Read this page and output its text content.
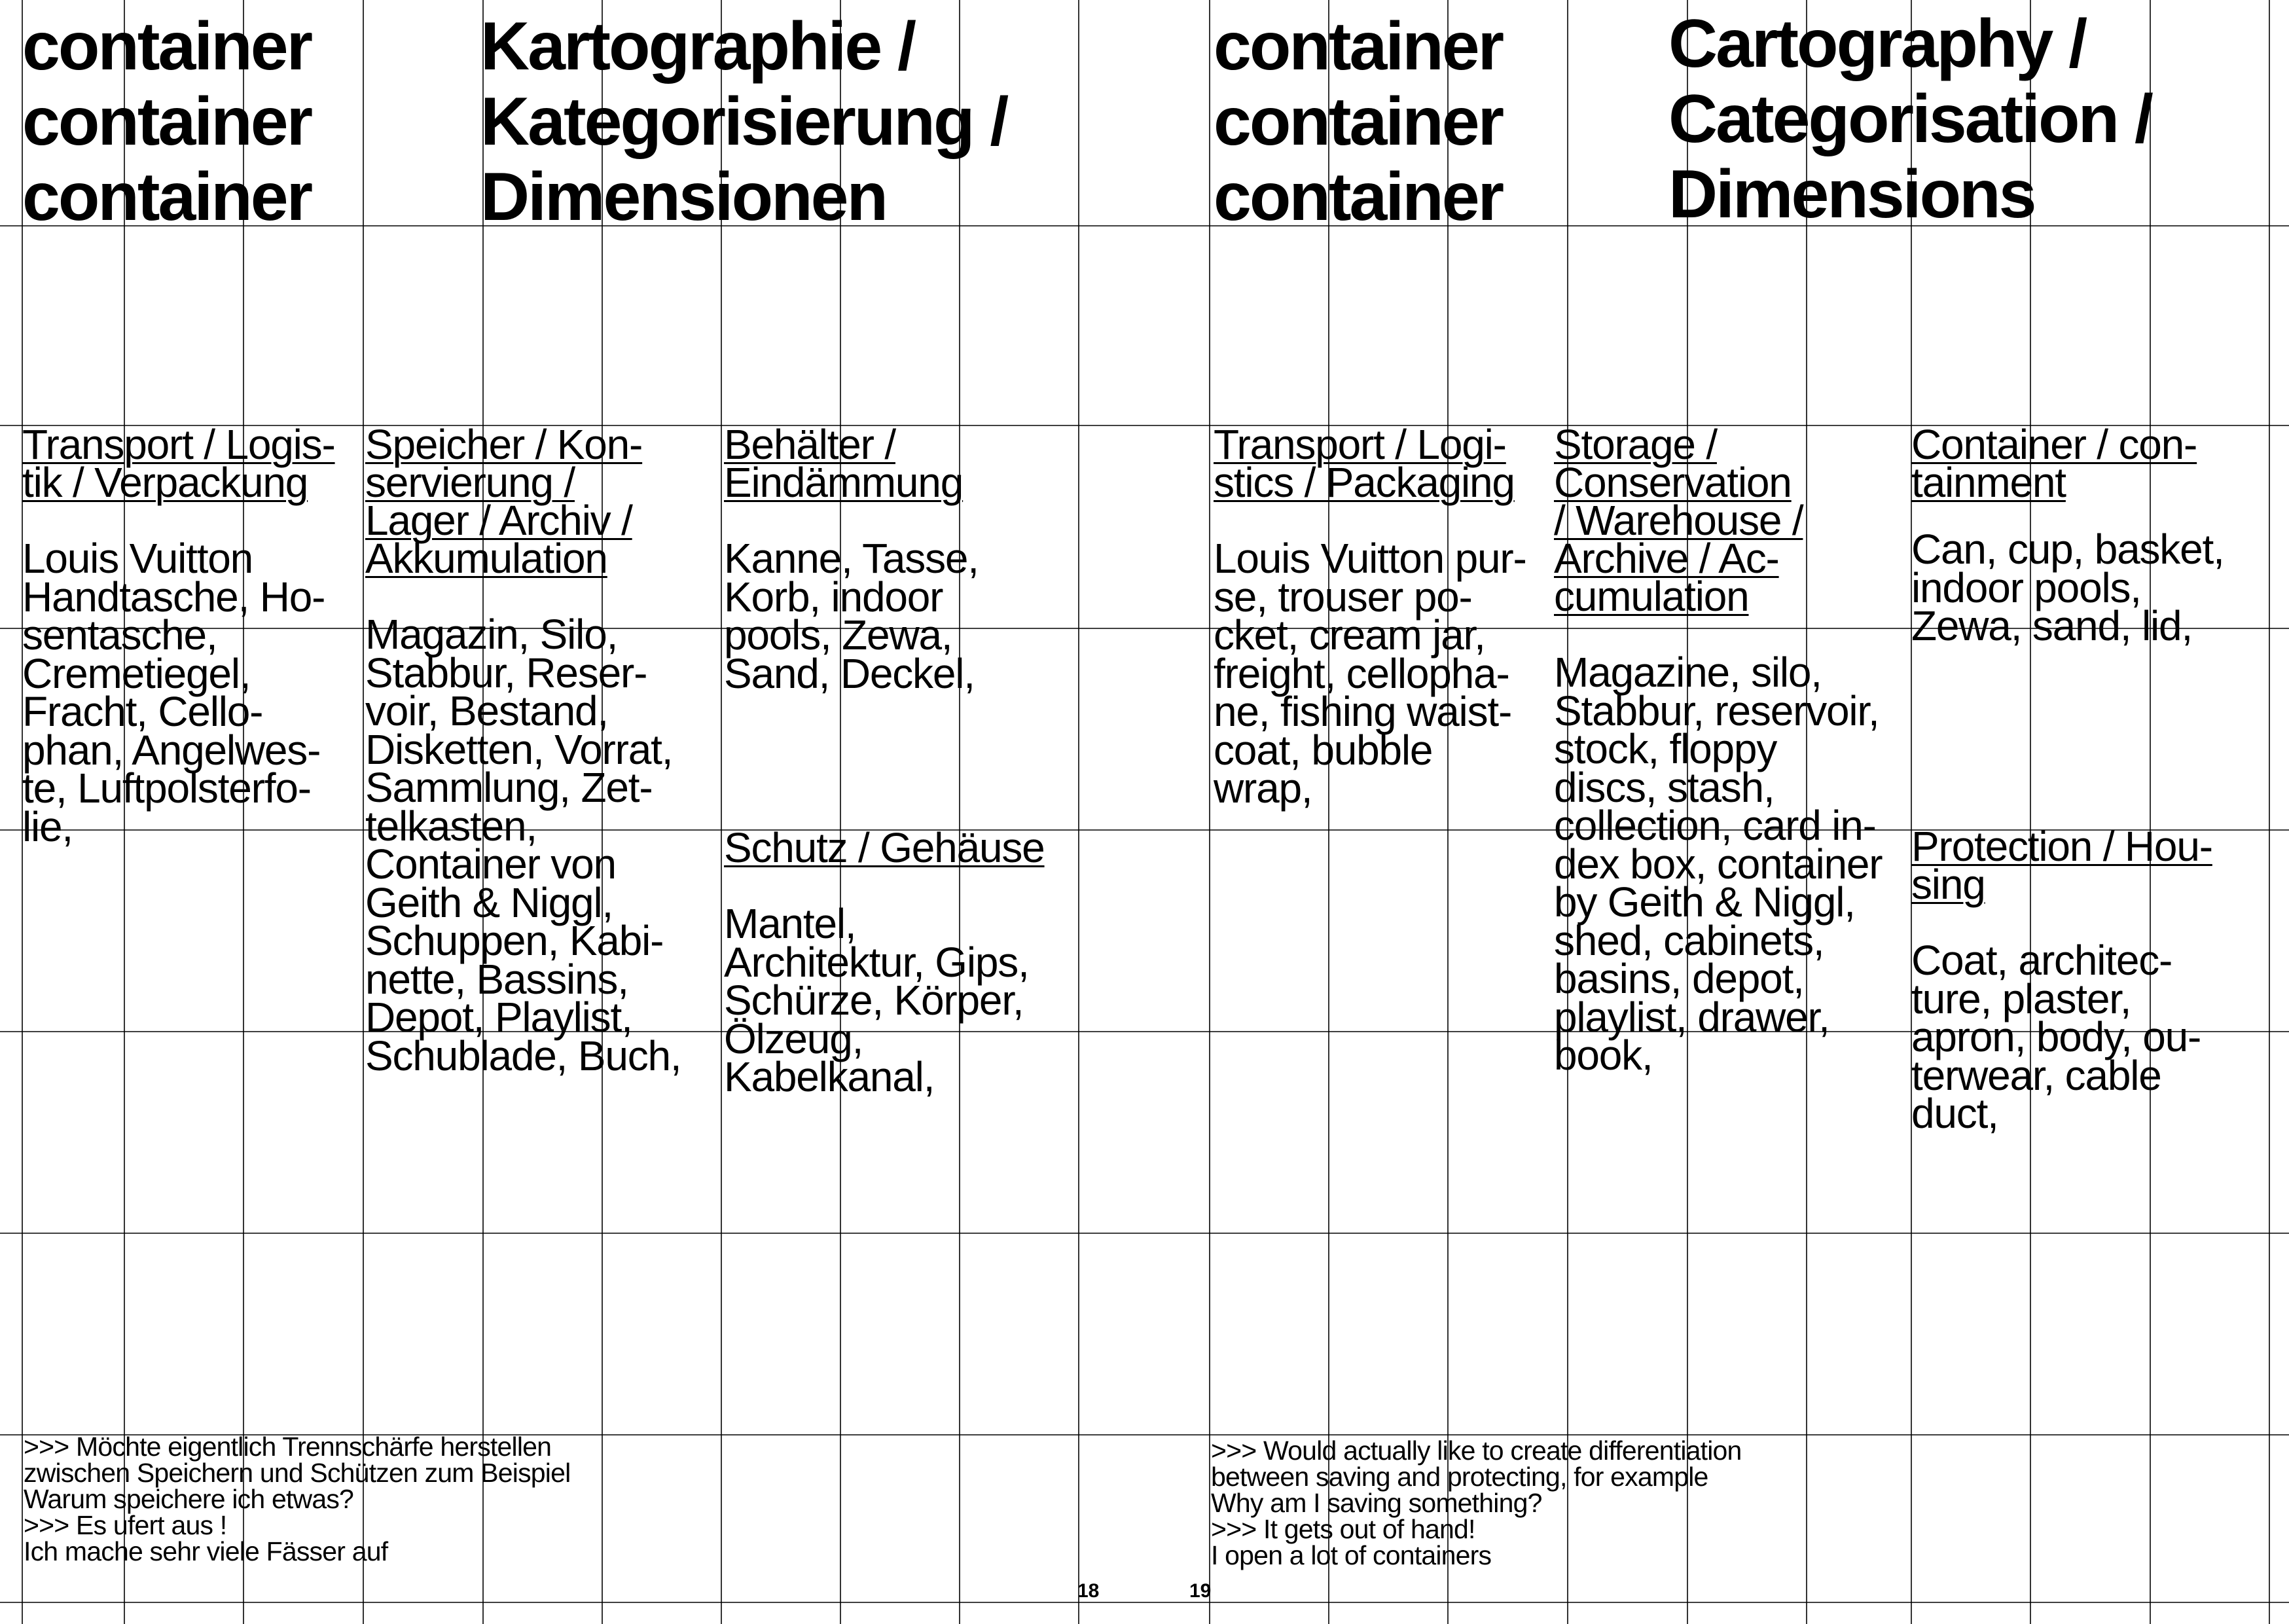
container
container
container
Kartographie /
Kategorisierung /
Dimensionen
Transport / Logis-
tik / Verpackung
Louis Vuitton
Handtasche, Ho-
sentasche,
Cremetiegel,
Fracht, Cello-
phan, Angelwes-
te, Luftpolsterfo-
lie,
Speicher / Kon-
servierung /
Lager / Archiv /
Akkumulation
Magazin, Silo,
Stabbur, Reser-
voir, Bestand,
Disketten, Vorrat,
Sammlung, Zet-
telkasten,
Container von
Geith & Niggl,
Schuppen, Kabi-
nette, Bassins,
Depot, Playlist,
Schublade, Buch,
Behälter /
Eindämmung
Kanne, Tasse,
Korb, indoor
pools, Zewa,
Sand, Deckel,
Schutz / Gehäuse
Mantel,
Architektur, Gips,
Schürze, Körper,
Ölzeug,
Kabelkanal,

>>> Möchte eigentlich Trennschärfe herstellen
zwischen Speichern und Schützen zum Beispiel
Warum speichere ich etwas?
>>> Es ufert aus !
Ich mache sehr viele Fässer auf

18
container
container
container
Cartography /
Categorisation /
Dimensions
Transport / Logi-
stics / Packaging
Louis Vuitton pur-
se, trouser po-
cket, cream jar,
freight, cellopha-
ne, fishing waist-
coat, bubble
wrap,
Storage /
Conservation
/ Warehouse /
Archive / Ac-
cumulation
Magazine, silo,
Stabbur, reservoir,
stock, floppy
discs, stash,
collection, card in-
dex box, container
by Geith & Niggl,
shed, cabinets,
basins, depot,
playlist, drawer,
book,
Container / con-
tainment
Can, cup, basket,
indoor pools,
Zewa, sand, lid,
Protection / Hou-
sing
Coat, architec-
ture, plaster,
apron, body, ou-
terwear, cable
duct,

>>> Would actually like to create differentiation
between saving and protecting, for example
Why am I saving something?
>>> It gets out of hand!
I open a lot of containers

19
